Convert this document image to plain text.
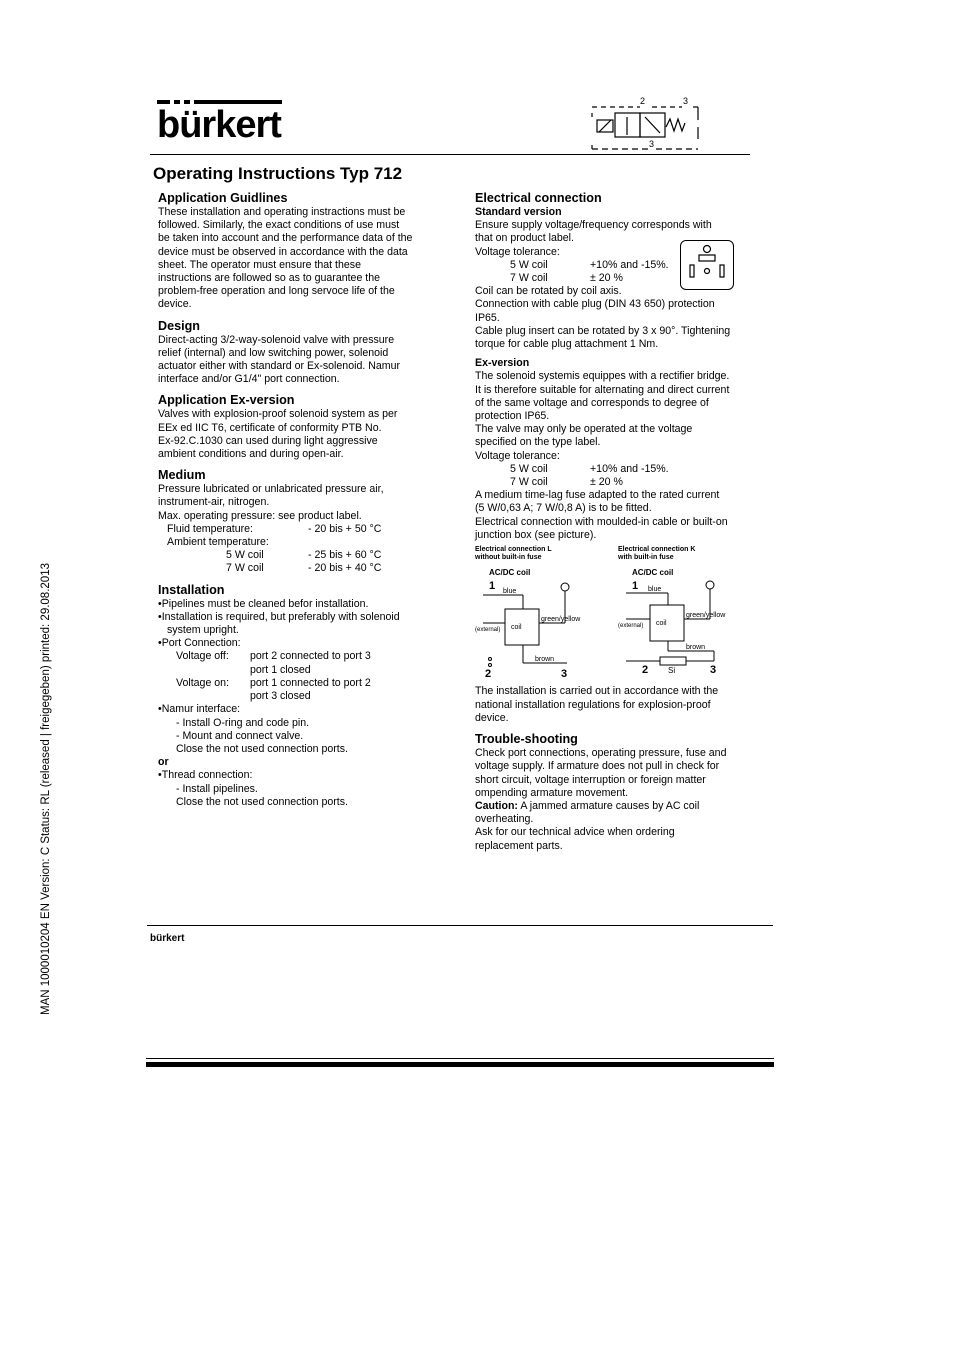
bürkert
2	3
3
Operating Instructions Typ 712
Application Guidlines

These installation and operating instractions must be

followed. Similarly, the exact conditions of use must

be taken into account and the performance data of the

device must be observed in accordance with the data

sheet. The operator must ensure that these

instructions are followed so as to guarantee the

problem-free operation and long servoce life of the

device.

Design

Direct-acting 3/2-way-solenoid valve with pressure

relief (internal) and low switching power, solenoid

actuator either with standard or Ex-solenoid. Namur

interface and/or G1/4" port connection.

Application Ex-version

Valves with explosion-proof solenoid system as per

EEx ed IIC T6, certificate of conformity PTB No.

Ex-92.C.1030 can used during light aggressive

ambient conditions and during open-air.

Medium

Pressure lubricated or unlabricated pressure air,

instrument-air, nitrogen.

Max. operating pressure: see product label.

Fluid temperature:	- 20 bis + 50 °C
Ambient temperature:
5 W coil	- 25 bis + 60 °C
7 W coil	- 20 bis + 40 °C
Installation

• Pipelines must be cleaned befor installation.

• Installation is required, but preferably with solenoid

system upright.

• Port Connection:

Voltage off:	port 2 connected to port 3
port 1 closed
Voltage on:	port 1 connected to port 2
port 3 closed

• Namur interface:

- Install O-ring and code pin.

- Mount and connect valve.

Close the not used connection ports.

or

• Thread connection:

- Install pipelines.

Close the not used connection ports.

Electrical connection

Standard version

Ensure supply voltage/frequency corresponds with

that on product label.

Voltage tolerance:

5 W coil	+10% and -15%.
7 W coil	± 20 %

Coil can be rotated by coil axis.

Connection with cable plug (DIN 43 650) protection

IP65.

Cable plug insert can be rotated by 3 x 90°. Tightening

torque for cable plug attachment 1 Nm.

Ex-version

The solenoid systemis equippes with a rectifier bridge.

It is therefore suitable for alternating and direct current

of the same voltage and corresponds to degree of

protection IP65.

The valve may only be operated at the voltage

specified on the type label.

Voltage tolerance:

5 W coil	+10% and -15%.
7 W coil	± 20 %

A medium time-lag fuse adapted to the rated current

(5 W/0,63 A; 7 W/0,8 A) is to be fitted.

Electrical connection with moulded-in cable or built-on

junction box (see picture).

Electrical connection L
without built-in fuse
AC/DC coil
1 blue
coil
(external)
green/yellow
brown
2	3
Electrical connection K
with built-in fuse
AC/DC coil
1 blue
coil
(external)
green/yellow
brown
Si
2	3

The installation is carried out in accordance with the

national installation regulations for explosion-proof

device.

Trouble-shooting

Check port connections, operating pressure, fuse and

voltage supply. If armature does not pull in check for

short circuit, voltage interruption or foreign matter

ompending armature movement.

Caution: A jammed armature causes by AC coil

overheating.

Ask for our technical advice when ordering

replacement parts.

bürkert
MAN 1000010204 EN Version: C Status: RL (released | freigegeben) printed: 29.08.2013
